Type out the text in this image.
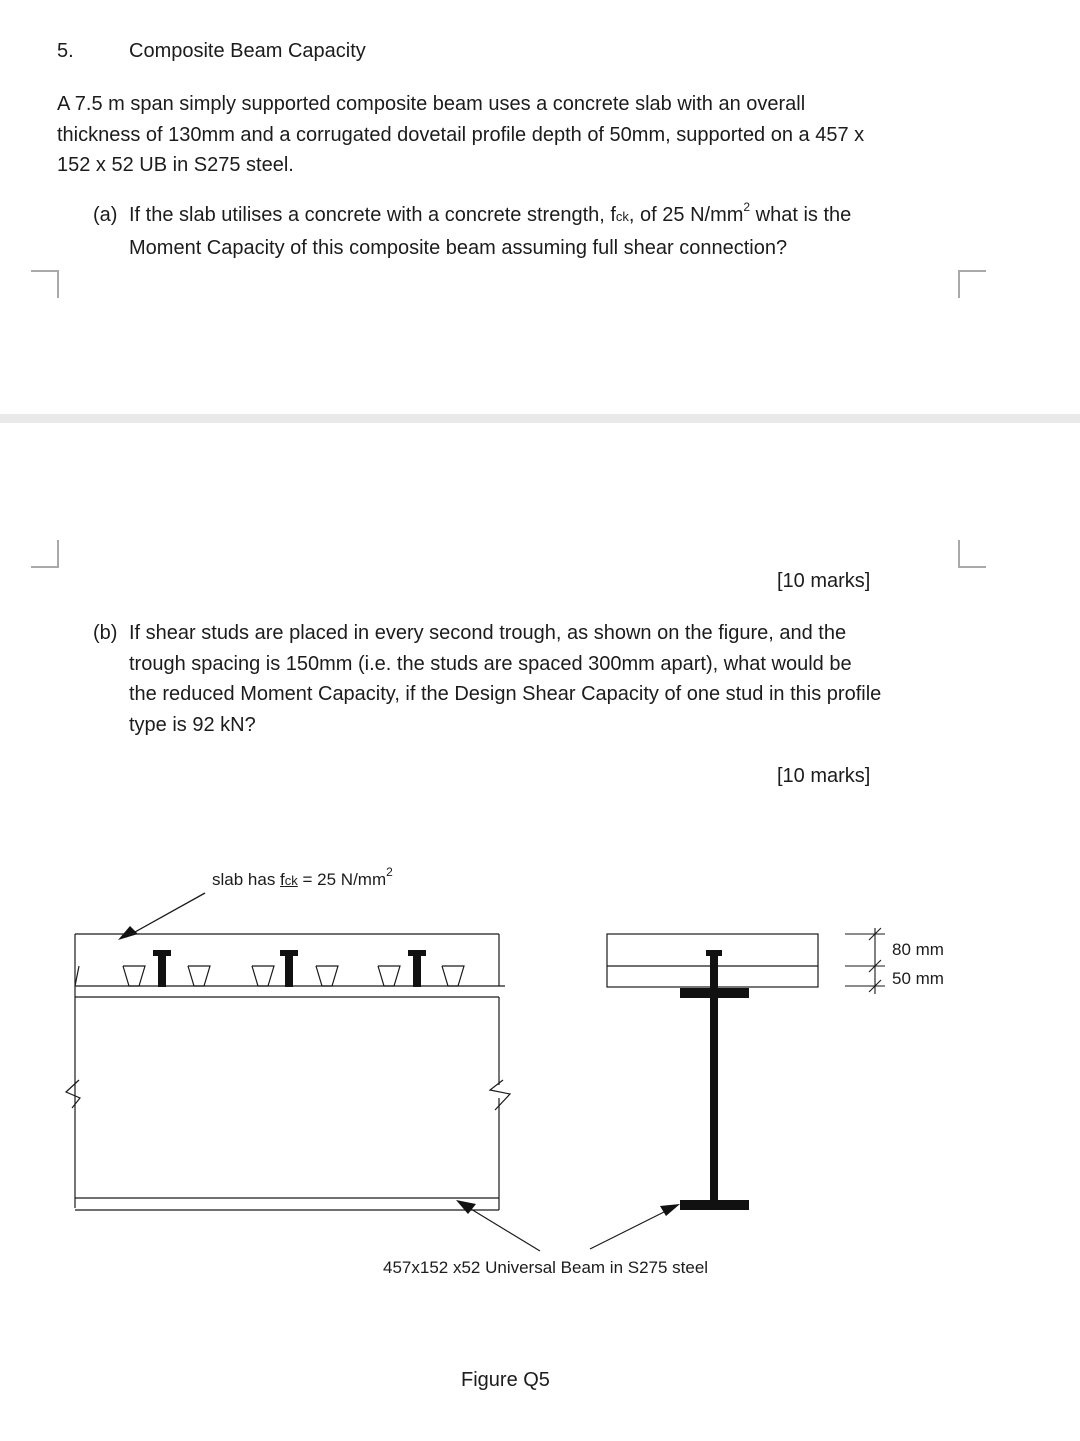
5.	Composite Beam Capacity
A 7.5 m span simply supported composite beam uses a concrete slab with an overall
thickness of 130mm and a corrugated dovetail profile depth of 50mm, supported on a 457 x
152 x 52 UB in S275 steel.
(a) If the slab utilises a concrete with a concrete strength, fck, of 25 $N/mm^2$ what is the
Moment Capacity of this composite beam assuming full shear connection?
[10 marks]
(b) If shear studs are placed in every second trough, as shown on the figure, and the
trough spacing is 150mm (i.e. the studs are spaced 300mm apart), what would be
the reduced Moment Capacity, if the Design Shear Capacity of one stud in this profile
type is 92 kN?
[10 marks]
slab has fck = 25 $N/mm^2$
80 mm
50 mm
457x152 x52 Universal Beam in S275 steel
Figure Q5
